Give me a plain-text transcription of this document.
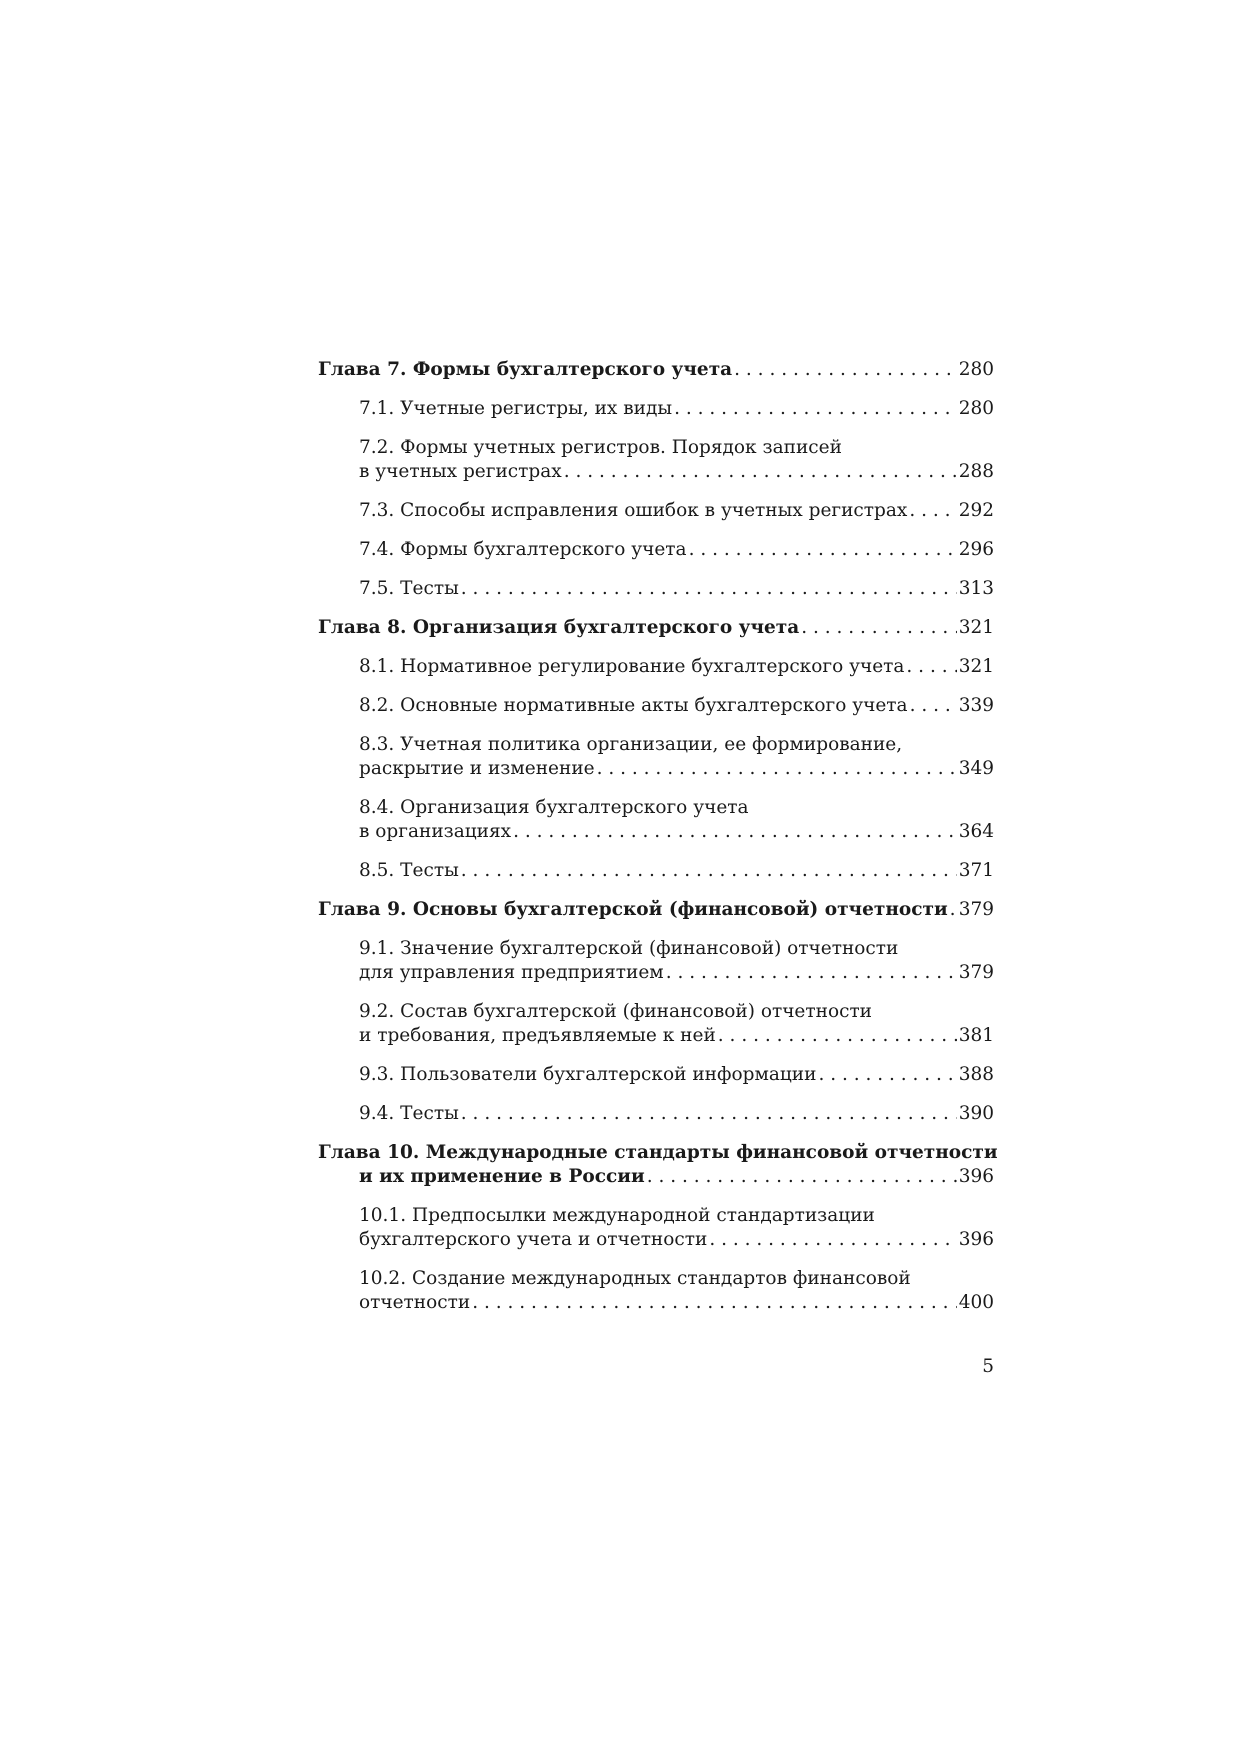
Глава 7. Формы бухгалтерского учета . . .	280
7.1. Учетные регистры, их виды . . .	280
7.2. Формы учетных регистров. Порядок записей
в учетных регистрах . . .	288
7.3. Способы исправления ошибок в учетных регистрах . . .	292
7.4. Формы бухгалтерского учета . . .	296
7.5. Тесты . . .	313
Глава 8. Организация бухгалтерского учета . . .	321
8.1. Нормативное регулирование бухгалтерского учета . . .	321
8.2. Основные нормативные акты бухгалтерского учета . . .	339
8.3. Учетная политика организации, ее формирование,
раскрытие и изменение . . .	349
8.4. Организация бухгалтерского учета
в организациях . . .	364
8.5. Тесты . . .	371
Глава 9. Основы бухгалтерской (финансовой) отчетности . . . 379
9.1. Значение бухгалтерской (финансовой) отчетности
для управления предприятием . . .	379
9.2. Состав бухгалтерской (финансовой) отчетности
и требования, предъявляемые к ней . . .	381
9.3. Пользователи бухгалтерской информации . . .	388
9.4. Тесты . . .	390
Глава 10. Международные стандарты финансовой отчетности
и их применение в России . . .	396
10.1. Предпосылки международной стандартизации
бухгалтерского учета и отчетности . . .	396
10.2. Создание международных стандартов финансовой
отчетности . . .	400
5
